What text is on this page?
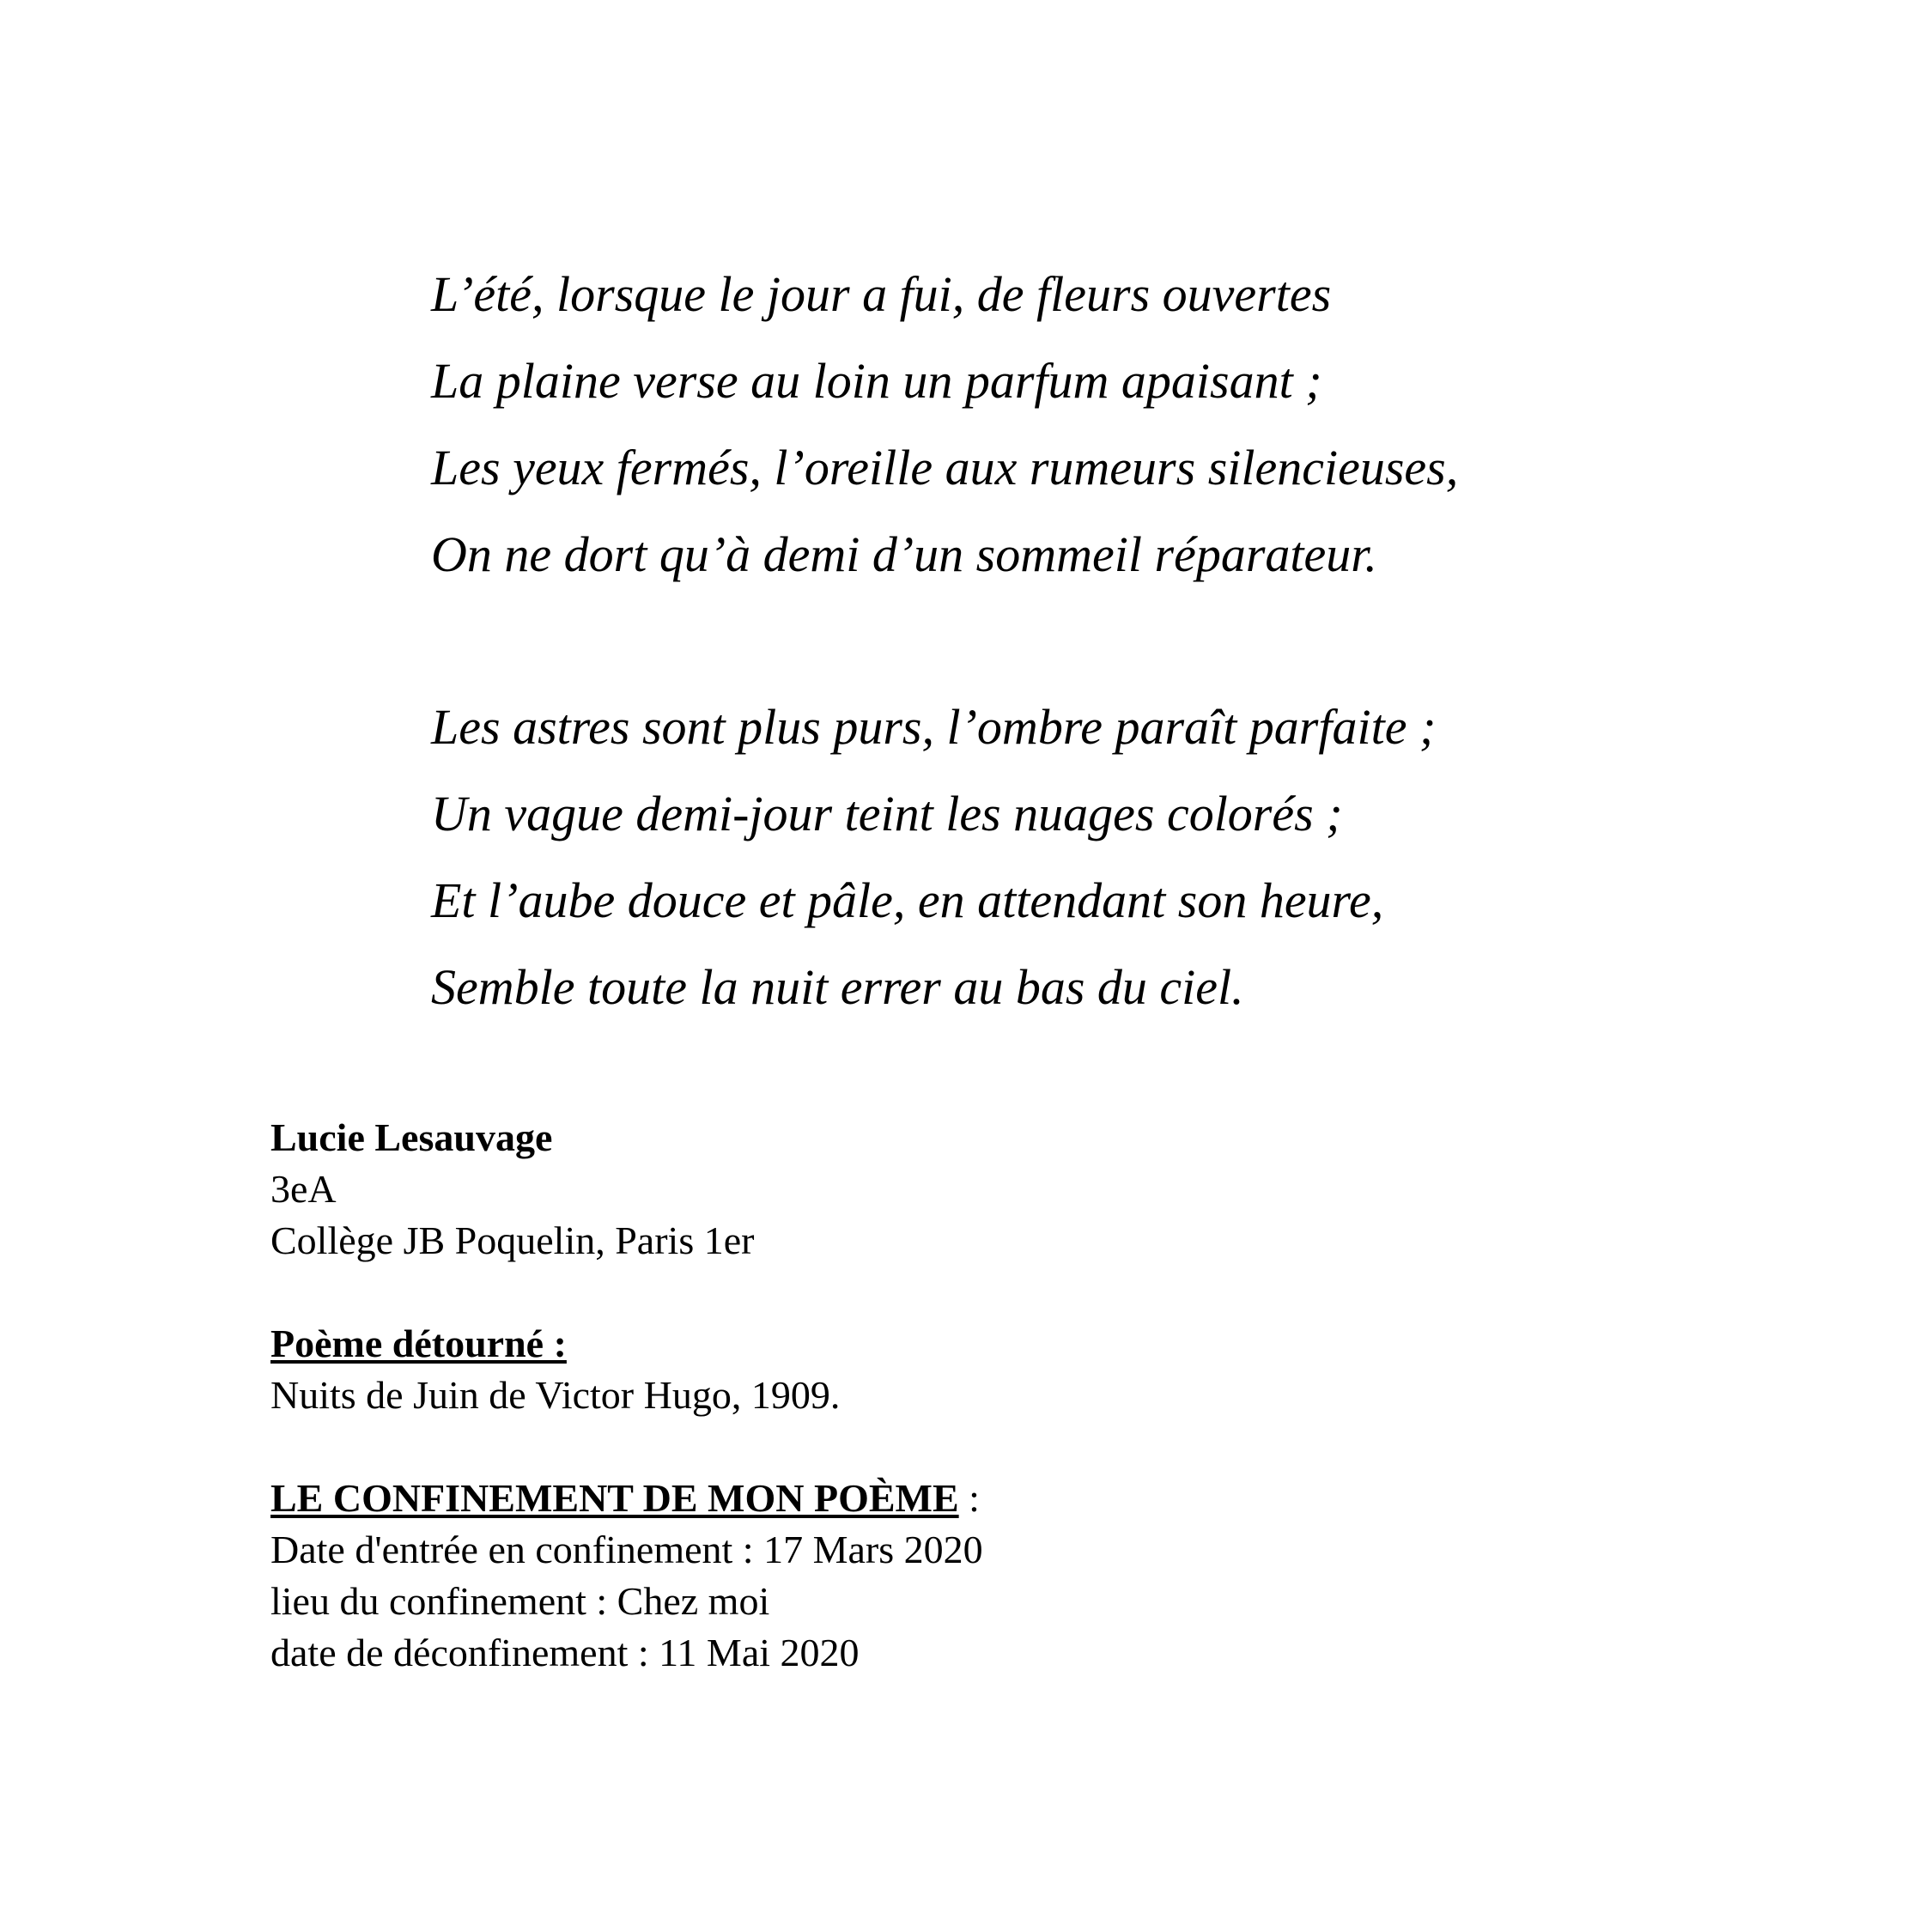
L’été, lorsque le jour a fui, de fleurs ouvertes
La plaine verse au loin un parfum apaisant ;
Les yeux fermés, l’oreille aux rumeurs silencieuses,
On ne dort qu’à demi d’un sommeil réparateur.
Les astres sont plus purs, l’ombre paraît parfaite ;
Un vague demi-jour teint les nuages colorés ;
Et l’aube douce et pâle, en attendant son heure,
Semble toute la nuit errer au bas du ciel.
Lucie Lesauvage
3eA
Collège JB Poquelin, Paris 1er
Poème détourné :
Nuits de Juin de Victor Hugo, 1909.
LE CONFINEMENT DE MON POÈME :
Date d'entrée en confinement : 17 Mars 2020
lieu du confinement : Chez moi
date de déconfinement : 11 Mai 2020
